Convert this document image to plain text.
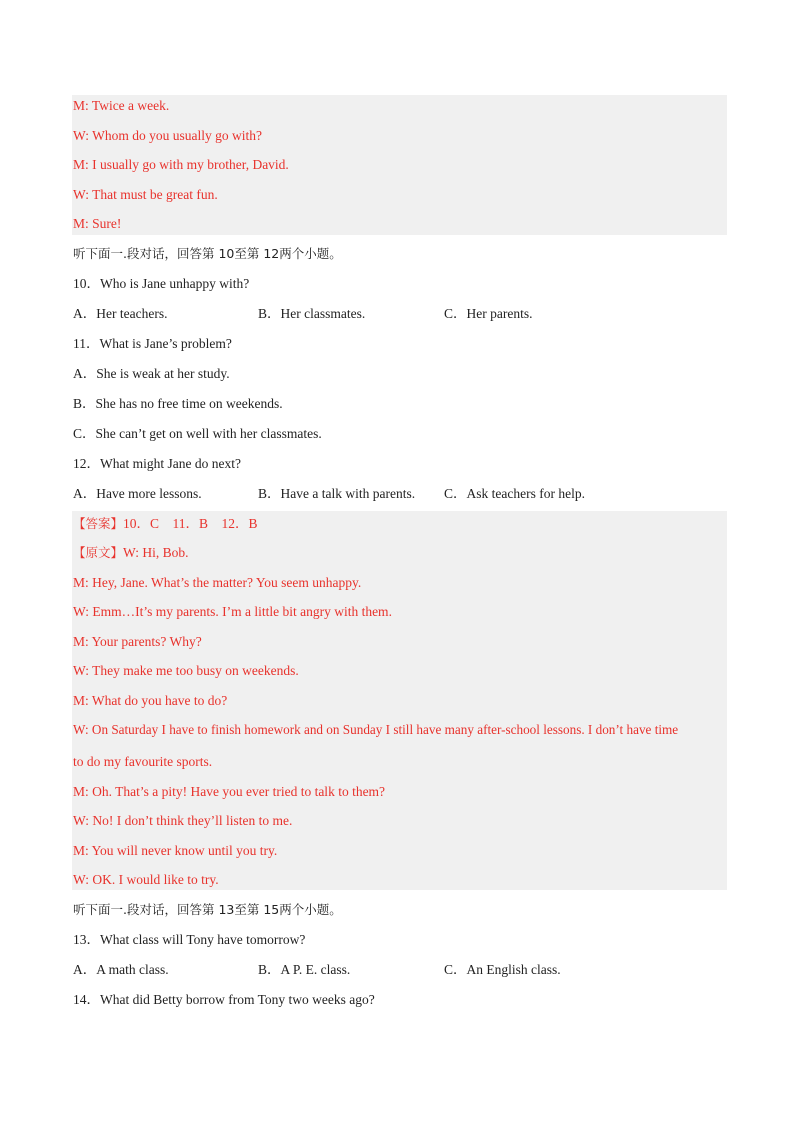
M: Twice a week.
W: Whom do you usually go with?
M: I usually go with my brother, David.
W: That must be great fun.
M: Sure!
听下面一.段对话，回答第 10至第 12两个小题。
10．Who is Jane unhappy with?
A．Her teachers.	B．Her classmates.	C．Her parents.
11．What is Jane’s problem?
A．She is weak at her study.
B．She has no free time on weekends.
C．She can’t get on well with her classmates.
12．What might Jane do next?
A．Have more lessons.	B．Have a talk with parents. C．Ask teachers for help.
【答案】10．C    11．B    12．B
【原文】W: Hi, Bob.
M: Hey, Jane. What’s the matter? You seem unhappy.
W: Emm…It’s my parents. I’m a little bit angry with them.
M: Your parents? Why?
W: They make me too busy on weekends.
M: What do you have to do?
W: On Saturday I have to finish homework and on Sunday I still have many after-school lessons. I don’t have time
to do my favourite sports.
M: Oh. That’s a pity! Have you ever tried to talk to them?
W: No! I don’t think they’ll listen to me.
M: You will never know until you try.
W: OK. I would like to try.
听下面一.段对话，回答第 13至第 15两个小题。
13．What class will Tony have tomorrow?
A．A math class.	B．A P. E. class.	C．An English class.
14．What did Betty borrow from Tony two weeks ago?
